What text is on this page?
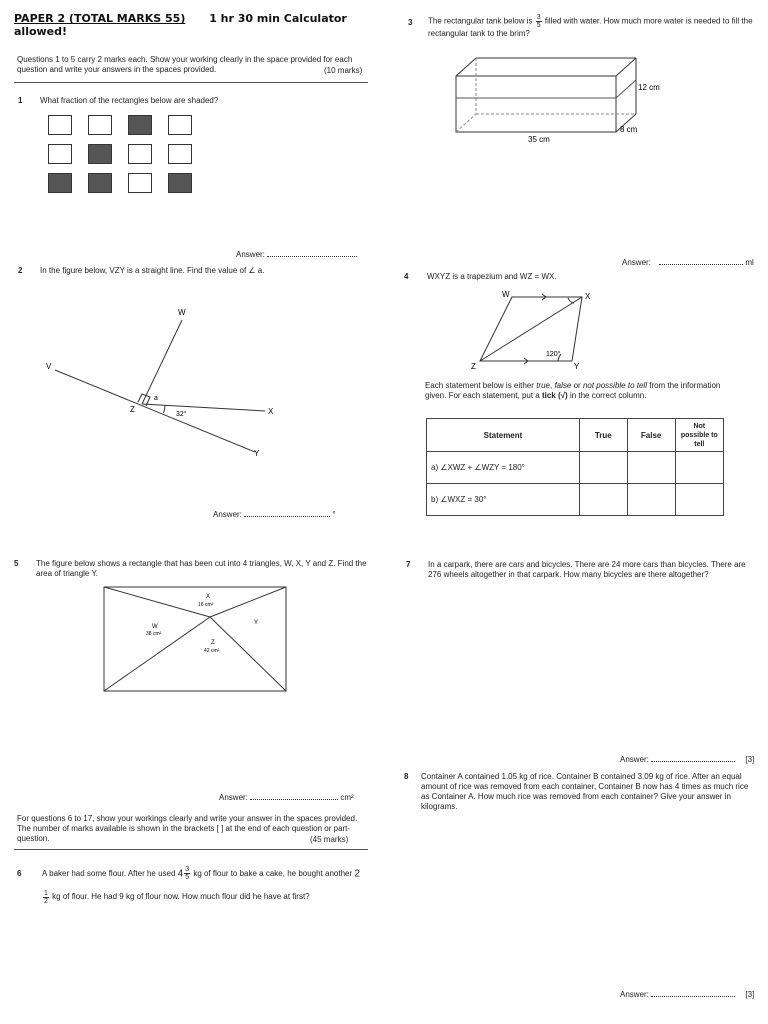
PAPER 2 (TOTAL MARKS 55) 1 hr 30 min Calculator
allowed!
Questions 1 to 5 carry 2 marks each. Show your working clearly in the space provided for each question and write your answers in the spaces provided.	(10 marks)
1 What fraction of the rectangles below are shaded?
Answer:
2 In the figure below, VZY is a straight line. Find the value of ∠ a.
W
V
Z	X
Y
a
32°
Answer:	°
3 The rectangular tank below is $\frac{3}{5}$ filled with water. How much more water is needed to fill the rectangular tank to the brim?
12 cm
8 cm
35 cm
Answer:	ml
4 WXYZ is a trapezium and WZ = WX.
W	X
Y
Z
120°
Each statement below is either true, false or not possible to tell from the information given. For each statement, put a tick (√) in the correct column.
Statement	True	False	Not possible to tell
a) ∠XWZ + ∠WZY = 180°			
b) ∠WXZ = 30°			
5 The figure below shows a rectangle that has been cut into 4 triangles, W, X, Y and Z. Find the area of triangle Y.
X
16 cm²
W
38 cm²
Y
Z
42 cm²
Answer:	cm²
For questions 6 to 17, show your workings clearly and write your answer in the spaces provided. The number of marks available is shown in the brackets [ ] at the end of each question or part-question.	(45 marks)
6	A baker had some flour. After he used $4 \frac{3}{5}$ kg of flour to bake a cake, he bought another 2
$\frac{1}{2}$ kg of flour. He had 9 kg of flour now. How much flour did he have at first?
7 In a carpark, there are cars and bicycles. There are 24 more cars than bicycles. There are 276 wheels altogether in that carpark. How many bicycles are there altogether?
Answer:	[3]
8 Container A contained 1.05 kg of rice. Container B contained 3.09 kg of rice. After an equal amount of rice was removed from each container, Container B now has 4 times as much rice as Container A. How much rice was removed from each container? Give your answer in kilograms.
Answer:	[3]
